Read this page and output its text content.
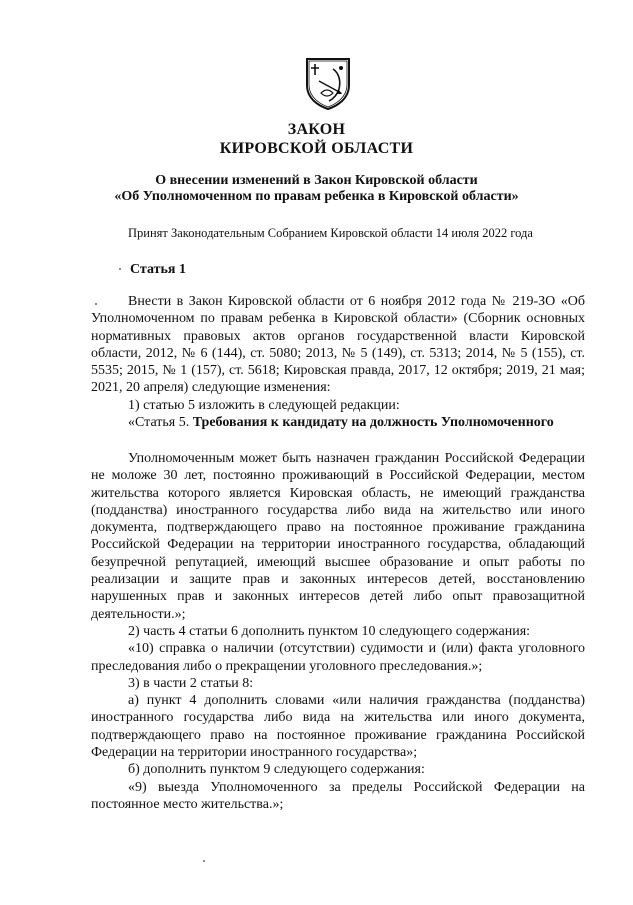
ЗАКОН
КИРОВСКОЙ ОБЛАСТИ
О внесении изменений в Закон Кировской области
«Об Уполномоченном по правам ребенка в Кировской области»
Принят Законодательным Собранием Кировской области 14 июля 2022 года
Статья 1

Внести в Закон Кировской области от 6 ноября 2012 года № 219-ЗО «Об Уполномоченном по правам ребенка в Кировской области» (Сборник основных нормативных правовых актов органов государственной власти Кировской области, 2012, № 6 (144), ст. 5080; 2013, № 5 (149), ст. 5313; 2014, № 5 (155), ст. 5535; 2015, № 1 (157), ст. 5618; Кировская правда, 2017, 12 октября; 2019, 21 мая; 2021, 20 апреля) следующие изменения:

1) статью 5 изложить в следующей редакции:

«Статья 5. Требования к кандидату на должность Уполномоченного

Уполномоченным может быть назначен гражданин Российской Федерации не моложе 30 лет, постоянно проживающий в Российской Федерации, местом жительства которого является Кировская область, не имеющий гражданства (подданства) иностранного государства либо вида на жительство или иного документа, подтверждающего право на постоянное проживание гражданина Российской Федерации на территории иностранного государства, обладающий безупречной репутацией, имеющий высшее образование и опыт работы по реализации и защите прав и законных интересов детей, восстановлению нарушенных прав и законных интересов детей либо опыт правозащитной деятельности.»;

2) часть 4 статьи 6 дополнить пунктом 10 следующего содержания:

«10) справка о наличии (отсутствии) судимости и (или) факта уголовного преследования либо о прекращении уголовного преследования.»;

3) в части 2 статьи 8:

а) пункт 4 дополнить словами «или наличия гражданства (подданства) иностранного государства либо вида на жительства или иного документа, подтверждающего право на постоянное проживание гражданина Российской Федерации на территории иностранного государства»;

б) дополнить пунктом 9 следующего содержания:

«9) выезда Уполномоченного за пределы Российской Федерации на постоянное место жительства.»;
